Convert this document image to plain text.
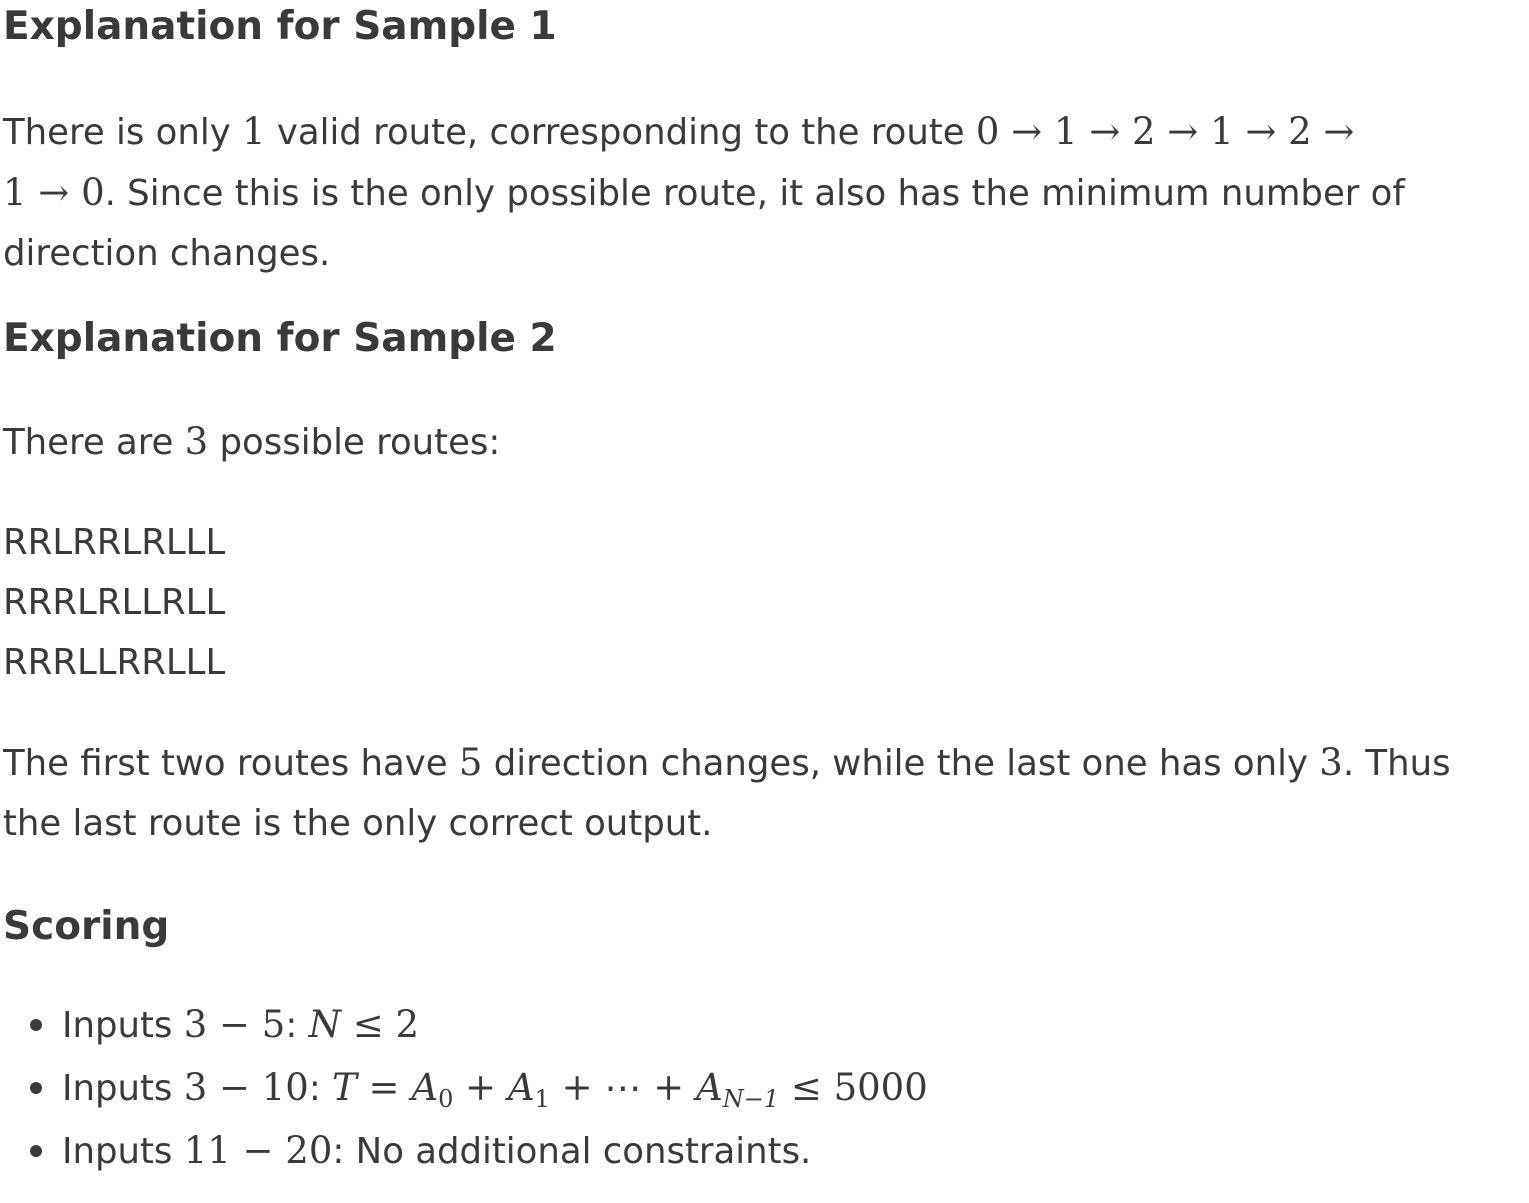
Explanation for Sample 1

There is only 1 valid route, corresponding to the route 0 → 1 → 2 → 1 → 2 →

1 → 0. Since this is the only possible route, it also has the minimum number of

direction changes.

Explanation for Sample 2

There are 3 possible routes:

RRLRRLRLLL
RRRLRLLRLL
RRRLLRRLLL

The first two routes have 5 direction changes, while the last one has only 3. Thus

the last route is the only correct output.

Scoring
Inputs 3 − 5: N ≤ 2
Inputs 3 − 10: $T = A_0 + A_1$ + ⋯ + $A_{N-1} \le 5000$
Inputs 11 − 20: No additional constraints.
